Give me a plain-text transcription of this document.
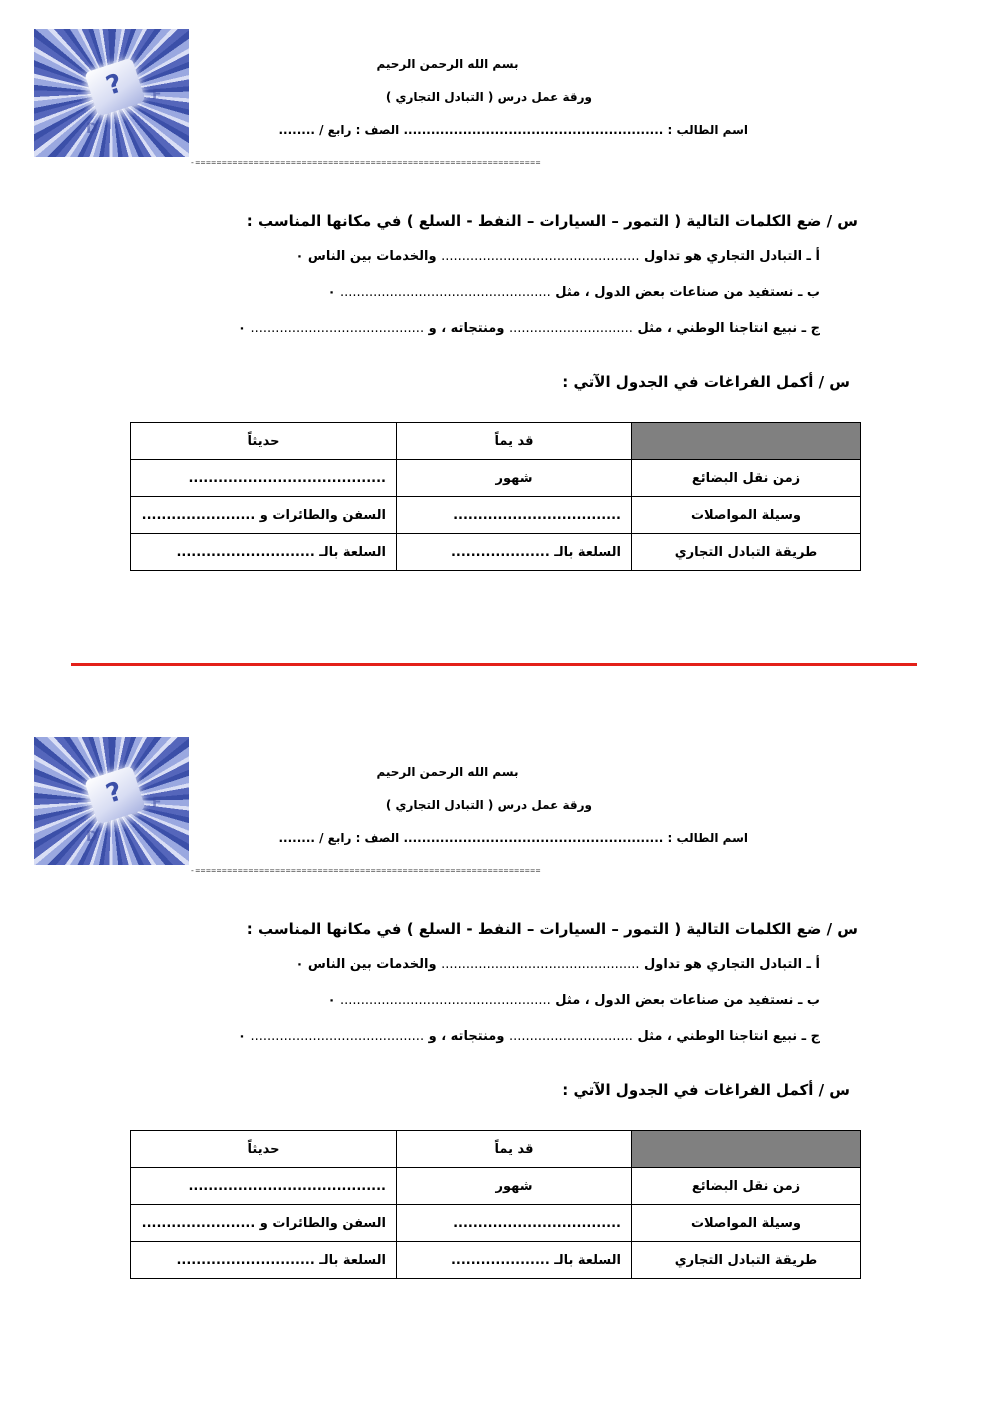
F
D
?
بسم الله الرحمن الرحيم
ورقة عمل درس ( التبادل التجاري )
اسم الطالب : ......................................................... الصف : رابع / ........
-=================================================================
س / ضع الكلمات التالية ( التمور – السيارات – النفط - السلع ) في مكانها المناسب :
أ ـ التبادل التجاري هو تداول ................................................ والخدمات بين الناس ٠
ب ـ نستفيد من صناعات بعض الدول ، مثل ................................................... ٠
ج ـ نبيع انتاجنا الوطني ، مثل .............................. ومنتجاته ، و .......................................... ٠
س / أكمل الفراغات في الجدول الآتي :
	قد يماً	حديثاً
زمن نقل البضائع	شهور	........................................
وسيلة المواصلات	..................................	السفن والطائرات و .......................
طريقة التبادل التجاري	السلعة بالـ ....................	السلعة بالـ ............................
F
D
?
بسم الله الرحمن الرحيم
ورقة عمل درس ( التبادل التجاري )
اسم الطالب : ......................................................... الصف : رابع / ........
-=================================================================
س / ضع الكلمات التالية ( التمور – السيارات – النفط - السلع ) في مكانها المناسب :
أ ـ التبادل التجاري هو تداول ................................................ والخدمات بين الناس ٠
ب ـ نستفيد من صناعات بعض الدول ، مثل ................................................... ٠
ج ـ نبيع انتاجنا الوطني ، مثل .............................. ومنتجاته ، و .......................................... ٠
س / أكمل الفراغات في الجدول الآتي :
	قد يماً	حديثاً
زمن نقل البضائع	شهور	........................................
وسيلة المواصلات	..................................	السفن والطائرات و .......................
طريقة التبادل التجاري	السلعة بالـ ....................	السلعة بالـ ............................
